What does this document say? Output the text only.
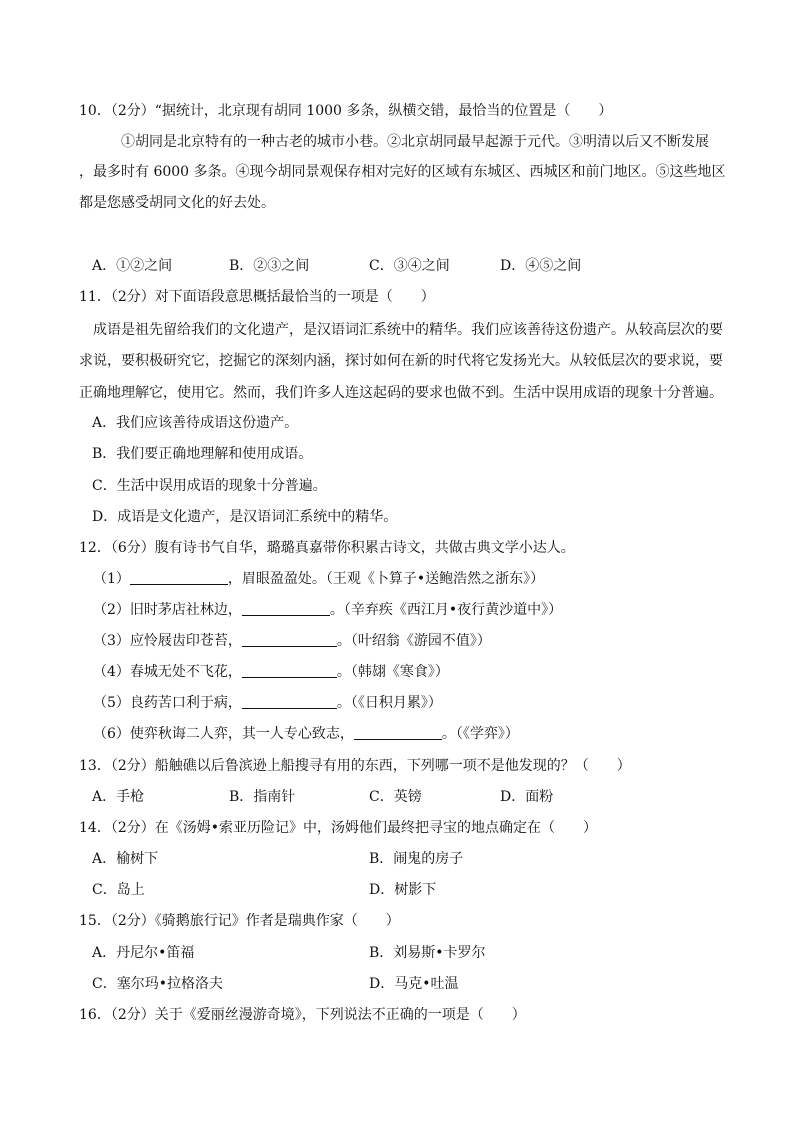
10．（2分）“据统计，北京现有胡同 1000 多条，纵横交错，最恰当的位置是（　　）
①胡同是北京特有的一种古老的城市小巷。②北京胡同最早起源于元代。③明清以后又不断发展
，最多时有 6000 多条。④现今胡同景观保存相对完好的区域有东城区、西城区和前门地区。⑤这些地区
都是您感受胡同文化的好去处。
A．①②之间	B．②③之间	C．③④之间	D．④⑤之间
11．（2分）对下面语段意思概括最恰当的一项是（　　）
成语是祖先留给我们的文化遗产，是汉语词汇系统中的精华。我们应该善待这份遗产。从较高层次的要
求说，要积极研究它，挖掘它的深刻内涵，探讨如何在新的时代将它发扬光大。从较低层次的要求说，要
正确地理解它，使用它。然而，我们许多人连这起码的要求也做不到。生活中误用成语的现象十分普遍。
A．我们应该善待成语这份遗产。
B．我们要正确地理解和使用成语。
C．生活中误用成语的现象十分普遍。
D．成语是文化遗产，是汉语词汇系统中的精华。
12．（6分）腹有诗书气自华，璐璐真嘉带你积累古诗文，共做古典文学小达人。
（1）	，眉眼盈盈处。（王观《卜算子•送鲍浩然之浙东》）
（2）旧时茅店社林边，	。（辛弃疾《西江月•夜行黄沙道中》）
（3）应怜屐齿印苍苔，	。（叶绍翁《游园不值》）
（4）春城无处不飞花，	。（韩翃《寒食》）
（5）良药苦口利于病，	。（《日积月累》）
（6）使弈秋诲二人弈，其一人专心致志，	。（《学弈》）
13．（2分）船触礁以后鲁滨逊上船搜寻有用的东西，下列哪一项不是他发现的？（　　）
A．手枪	B．指南针	C．英镑	D．面粉
14．（2分）在《汤姆•索亚历险记》中，汤姆他们最终把寻宝的地点确定在（　　）
A．榆树下	B．闹鬼的房子
C．岛上	D．树影下
15．（2分）《骑鹅旅行记》作者是瑞典作家（　　）
A．丹尼尔•笛福	B．刘易斯•卡罗尔
C．塞尔玛•拉格洛夫	D．马克•吐温
16．（2分）关于《爱丽丝漫游奇境》，下列说法不正确的一项是（　　）
